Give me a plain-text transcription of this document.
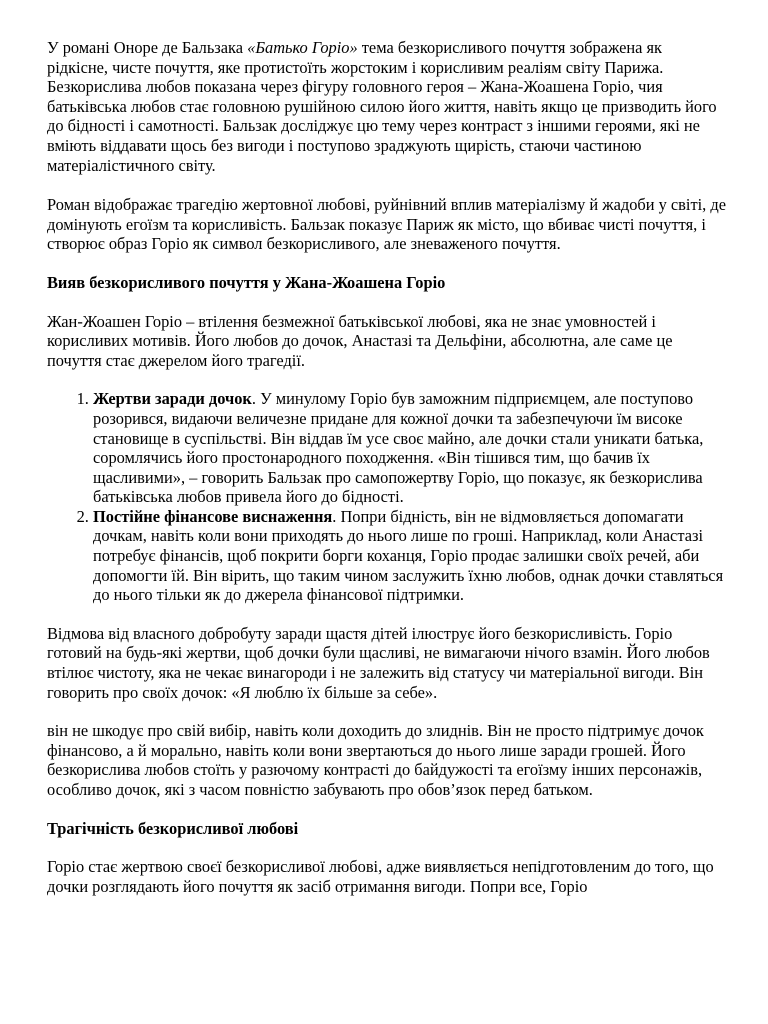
У романі Оноре де Бальзака «Батько Горіо» тема безкорисливого почуття зображена як рідкісне, чисте почуття, яке протистоїть жорстоким і корисливим реаліям світу Парижа. Безкорислива любов показана через фігуру головного героя – Жана-Жоашена Горіо, чия батьківська любов стає головною рушійною силою його життя, навіть якщо це призводить його до бідності і самотності. Бальзак досліджує цю тему через контраст з іншими героями, які не вміють віддавати щось без вигоди і поступово зраджують щирість, стаючи частиною матеріалістичного світу.

Роман відображає трагедію жертовної любові, руйнівний вплив матеріалізму й жадоби у світі, де домінують егоїзм та корисливість. Бальзак показує Париж як місто, що вбиває чисті почуття, і створює образ Горіо як символ безкорисливого, але зневаженого почуття.

Вияв безкорисливого почуття у Жана-Жоашена Горіо

Жан-Жоашен Горіо – втілення безмежної батьківської любові, яка не знає умовностей і корисливих мотивів. Його любов до дочок, Анастазі та Дельфіни, абсолютна, але саме це почуття стає джерелом його трагедії.

1. Жертви заради дочок. У минулому Горіо був заможним підприємцем, але поступово розорився, видаючи величезне придане для кожної дочки та забезпечуючи їм високе становище в суспільстві. Він віддав їм усе своє майно, але дочки стали уникати батька, соромлячись його простонародного походження. «Він тішився тим, що бачив їх щасливими», – говорить Бальзак про самопожертву Горіо, що показує, як безкорислива батьківська любов привела його до бідності.
2. Постійне фінансове виснаження. Попри бідність, він не відмовляється допомагати дочкам, навіть коли вони приходять до нього лише по гроші. Наприклад, коли Анастазі потребує фінансів, щоб покрити борги коханця, Горіо продає залишки своїх речей, аби допомогти їй. Він вірить, що таким чином заслужить їхню любов, однак дочки ставляться до нього тільки як до джерела фінансової підтримки.

Відмова від власного добробуту заради щастя дітей ілюструє його безкорисливість. Горіо готовий на будь-які жертви, щоб дочки були щасливі, не вимагаючи нічого взамін. Його любов втілює чистоту, яка не чекає винагороди і не залежить від статусу чи матеріальної вигоди. Він говорить про своїх дочок: «Я люблю їх більше за себе».

він не шкодує про свій вибір, навіть коли доходить до злиднів. Він не просто підтримує дочок фінансово, а й морально, навіть коли вони звертаються до нього лише заради грошей. Його безкорислива любов стоїть у разючому контрасті до байдужості та егоїзму інших персонажів, особливо дочок, які з часом повністю забувають про обов’язок перед батьком.

Трагічність безкорисливої любові

Горіо стає жертвою своєї безкорисливої любові, адже виявляється непідготовленим до того, що дочки розглядають його почуття як засіб отримання вигоди. Попри все, Горіо
